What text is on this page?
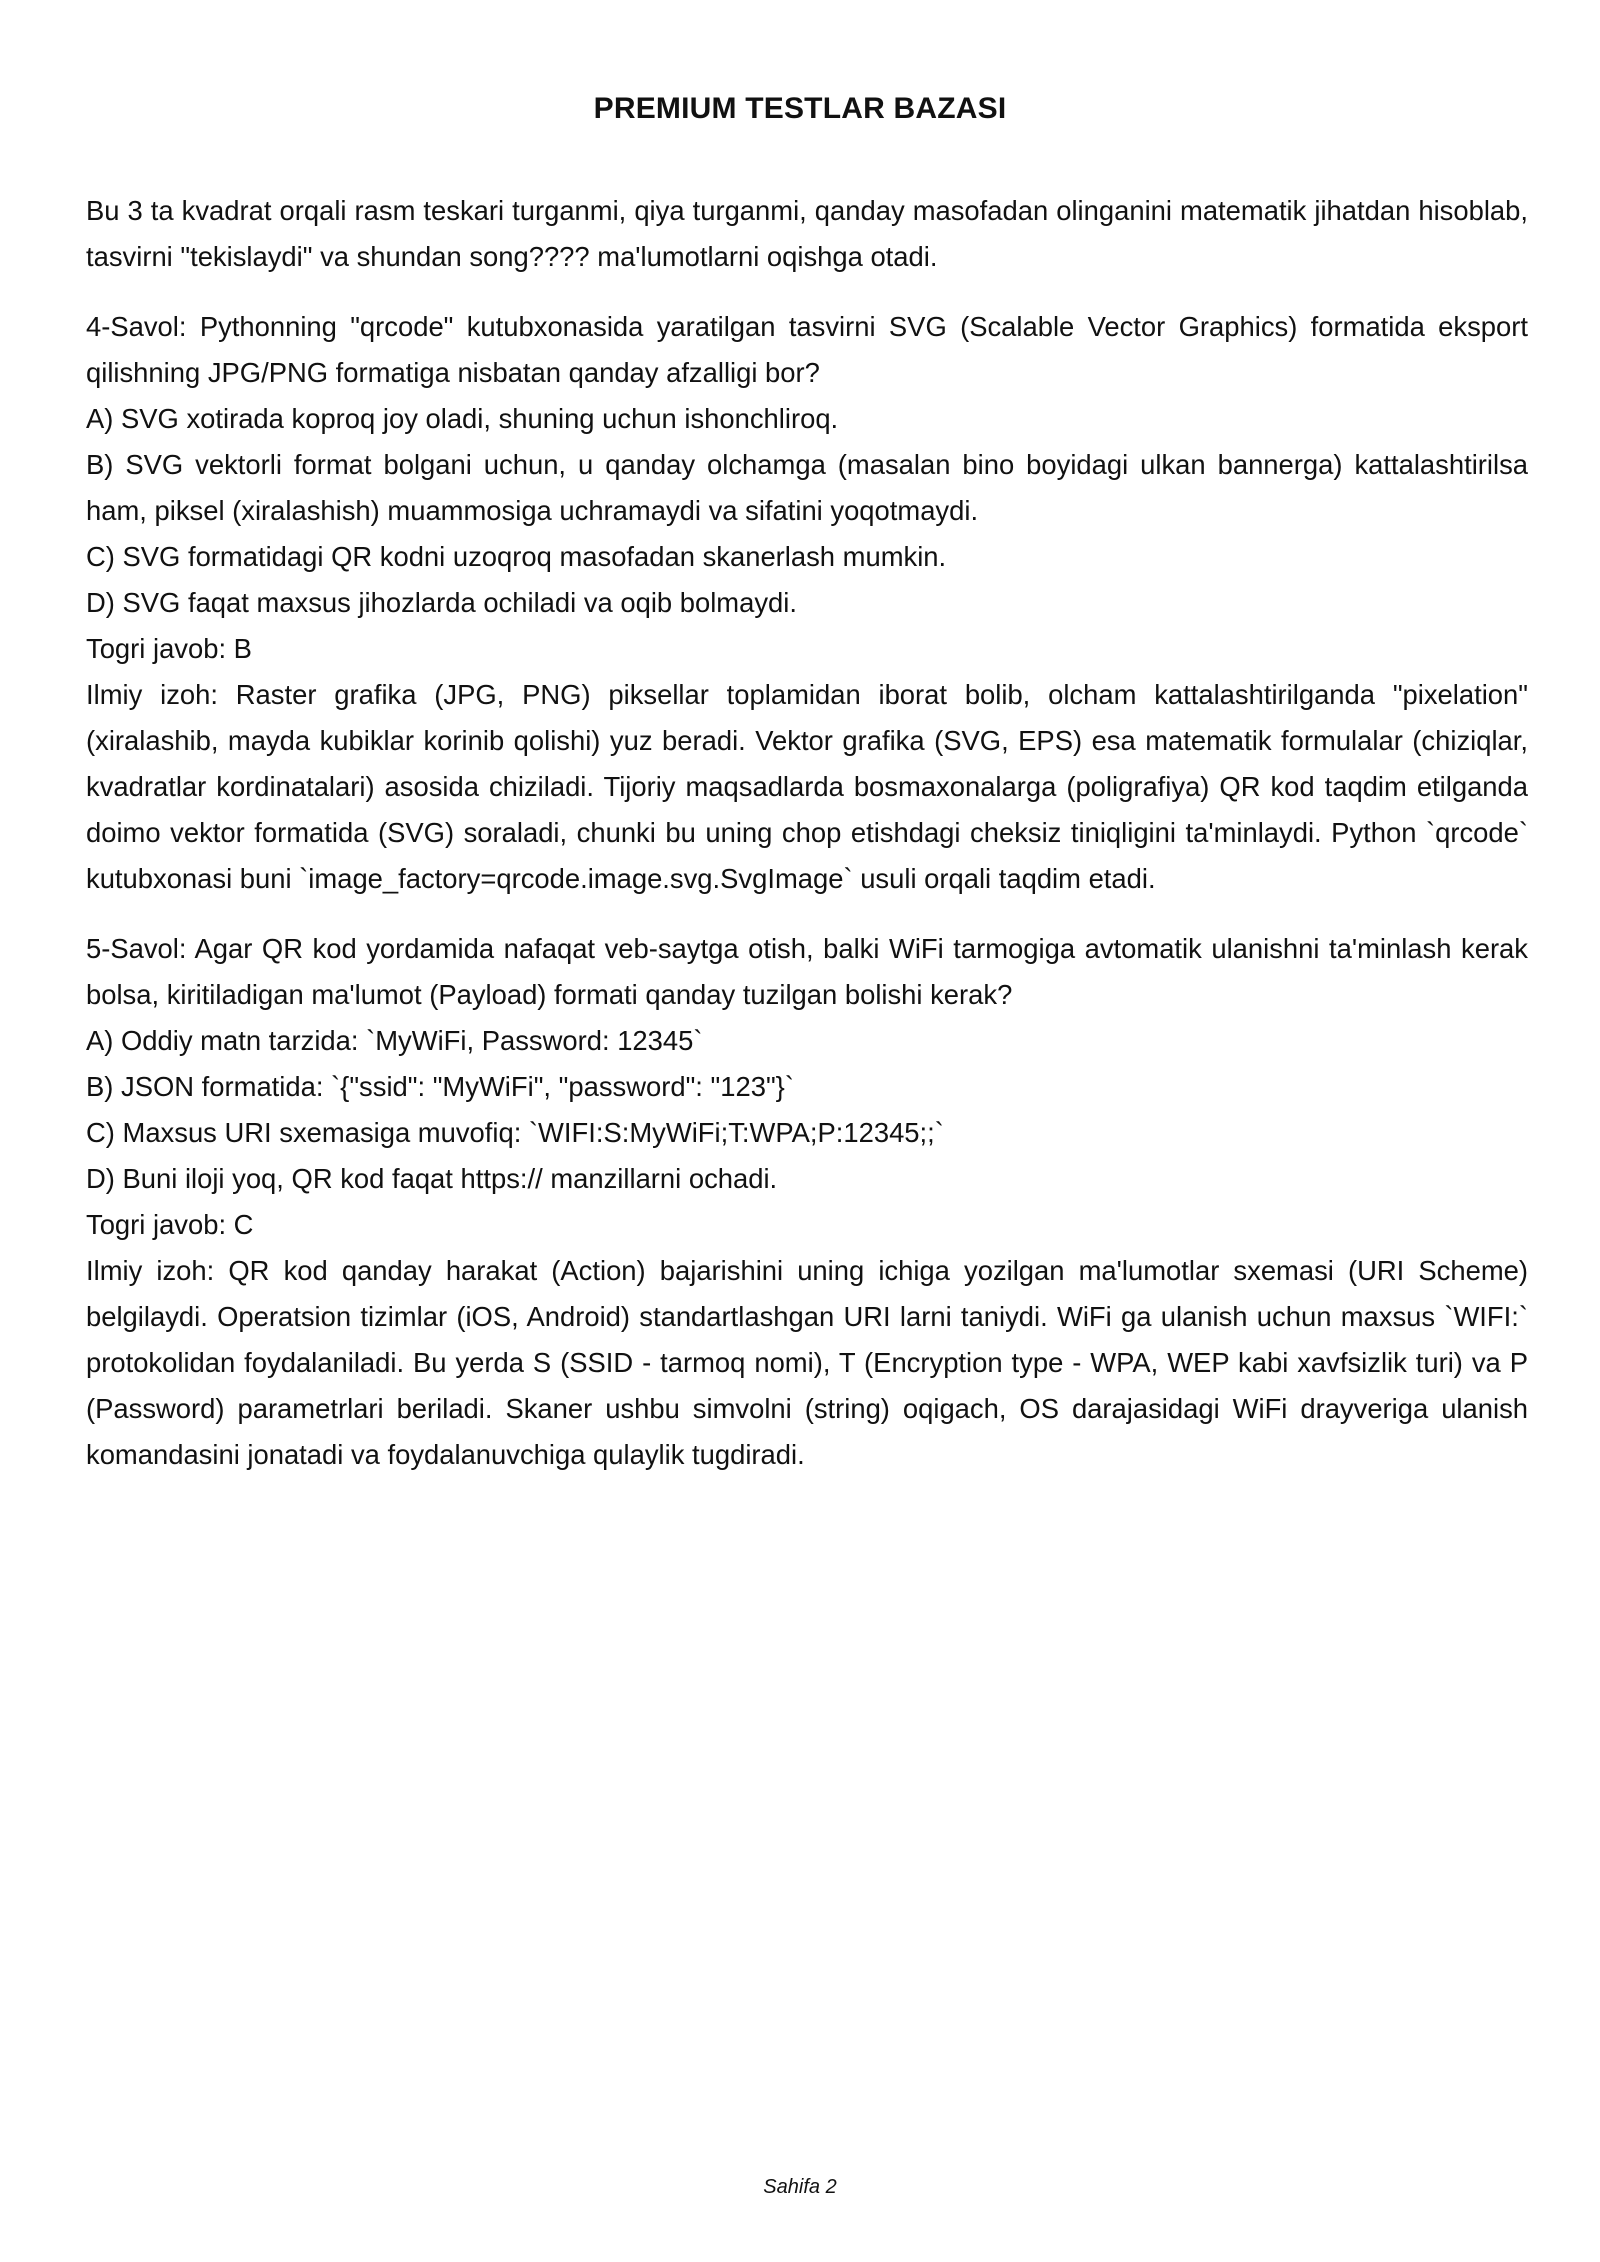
PREMIUM TESTLAR BAZASI

Bu 3 ta kvadrat orqali rasm teskari turganmi, qiya turganmi, qanday masofadan olinganini matematik jihatdan hisoblab, tasvirni "tekislaydi" va shundan song???? ma'lumotlarni oqishga otadi.

4-Savol: Pythonning "qrcode" kutubxonasida yaratilgan tasvirni SVG (Scalable Vector Graphics) formatida eksport qilishning JPG/PNG formatiga nisbatan qanday afzalligi bor?

A) SVG xotirada koproq joy oladi, shuning uchun ishonchliroq.

B) SVG vektorli format bolgani uchun, u qanday olchamga (masalan bino boyidagi ulkan bannerga) kattalashtirilsa ham, piksel (xiralashish) muammosiga uchramaydi va sifatini yoqotmaydi.

C) SVG formatidagi QR kodni uzoqroq masofadan skanerlash mumkin.

D) SVG faqat maxsus jihozlarda ochiladi va oqib bolmaydi.

Togri javob: B

Ilmiy izoh: Raster grafika (JPG, PNG) piksellar toplamidan iborat bolib, olcham kattalashtirilganda "pixelation" (xiralashib, mayda kubiklar korinib qolishi) yuz beradi. Vektor grafika (SVG, EPS) esa matematik formulalar (chiziqlar, kvadratlar kordinatalari) asosida chiziladi. Tijoriy maqsadlarda bosmaxonalarga (poligrafiya) QR kod taqdim etilganda doimo vektor formatida (SVG) soraladi, chunki bu uning chop etishdagi cheksiz tiniqligini ta'minlaydi. Python `qrcode` kutubxonasi buni `image_factory=qrcode.image.svg.SvgImage` usuli orqali taqdim etadi.

5-Savol: Agar QR kod yordamida nafaqat veb-saytga otish, balki WiFi tarmogiga avtomatik ulanishni ta'minlash kerak bolsa, kiritiladigan ma'lumot (Payload) formati qanday tuzilgan bolishi kerak?

A) Oddiy matn tarzida: `MyWiFi, Password: 12345`

B) JSON formatida: `{"ssid": "MyWiFi", "password": "123"}`

C) Maxsus URI sxemasiga muvofiq: `WIFI:S:MyWiFi;T:WPA;P:12345;;`

D) Buni iloji yoq, QR kod faqat https:// manzillarni ochadi.

Togri javob: C

Ilmiy izoh: QR kod qanday harakat (Action) bajarishini uning ichiga yozilgan ma'lumotlar sxemasi (URI Scheme) belgilaydi. Operatsion tizimlar (iOS, Android) standartlashgan URI larni taniydi. WiFi ga ulanish uchun maxsus `WIFI:` protokolidan foydalaniladi. Bu yerda S (SSID - tarmoq nomi), T (Encryption type - WPA, WEP kabi xavfsizlik turi) va P (Password) parametrlari beriladi. Skaner ushbu simvolni (string) oqigach, OS darajasidagi WiFi drayveriga ulanish komandasini jonatadi va foydalanuvchiga qulaylik tugdiradi.

Sahifa 2
